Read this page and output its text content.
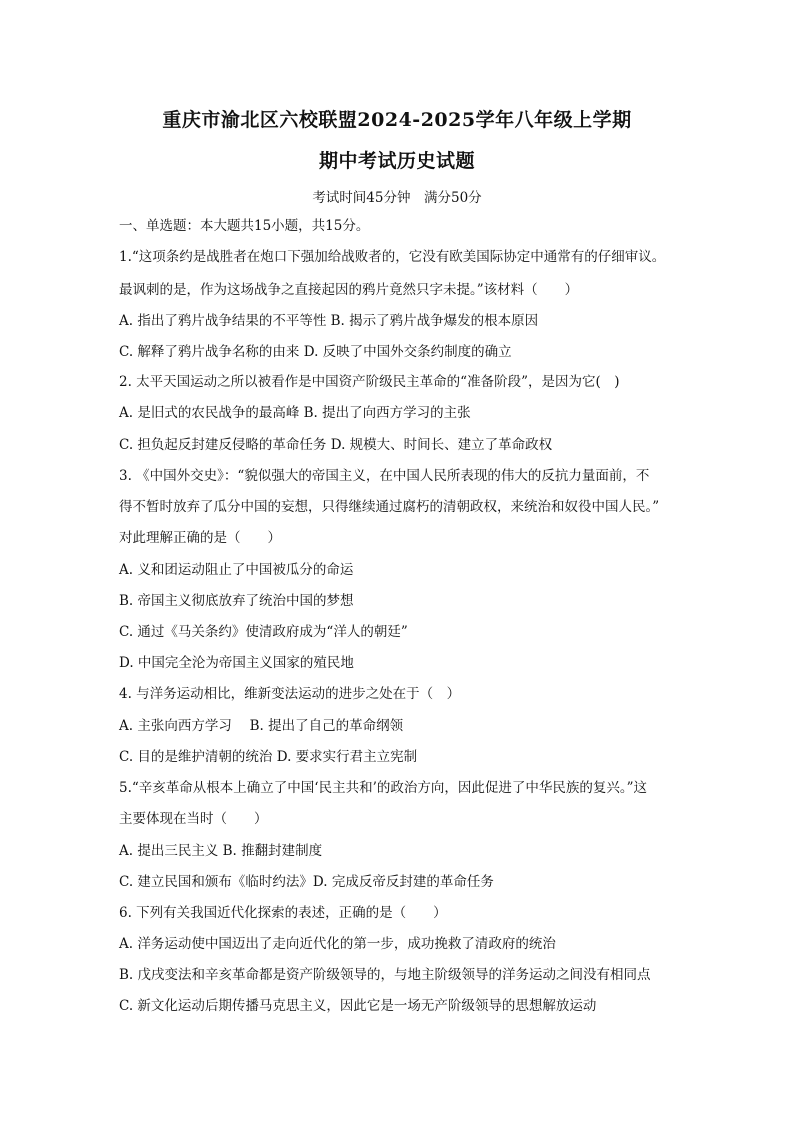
重庆市渝北区六校联盟2024-2025学年八年级上学期
期中考试历史试题
考试时间45分钟　满分50分
一、单选题：本大题共15小题，共15分。
1.“这项条约是战胜者在炮口下强加给战败者的，它没有欧美国际协定中通常有的仔细审议。
最讽刺的是，作为这场战争之直接起因的鸦片竟然只字未提。”该材料（　　）
A. 指出了鸦片战争结果的不平等性 B. 揭示了鸦片战争爆发的根本原因
C. 解释了鸦片战争名称的由来 D. 反映了中国外交条约制度的确立
2. 太平天国运动之所以被看作是中国资产阶级民主革命的“准备阶段”，是因为它(　)
A. 是旧式的农民战争的最高峰 B. 提出了向西方学习的主张
C. 担负起反封建反侵略的革命任务 D. 规模大、时间长、建立了革命政权
3. 《中国外交史》：“貌似强大的帝国主义，在中国人民所表现的伟大的反抗力量面前，不
得不暂时放弃了瓜分中国的妄想，只得继续通过腐朽的清朝政权，来统治和奴役中国人民。”
对此理解正确的是（　　）
A. 义和团运动阻止了中国被瓜分的命运
B. 帝国主义彻底放弃了统治中国的梦想
C. 通过《马关条约》使清政府成为“洋人的朝廷”
D. 中国完全沦为帝国主义国家的殖民地
4. 与洋务运动相比，维新变法运动的进步之处在于（　）
A. 主张向西方学习　 B. 提出了自己的革命纲领
C. 目的是维护清朝的统治 D. 要求实行君主立宪制
5.“辛亥革命从根本上确立了中国‘民主共和’的政治方向，因此促进了中华民族的复兴。”这
主要体现在当时（　　）
A. 提出三民主义 B. 推翻封建制度
C. 建立民国和颁布《临时约法》D. 完成反帝反封建的革命任务
6. 下列有关我国近代化探索的表述，正确的是（　　）
A. 洋务运动使中国迈出了走向近代化的第一步，成功挽救了清政府的统治
B. 戊戌变法和辛亥革命都是资产阶级领导的，与地主阶级领导的洋务运动之间没有相同点
C. 新文化运动后期传播马克思主义，因此它是一场无产阶级领导的思想解放运动
